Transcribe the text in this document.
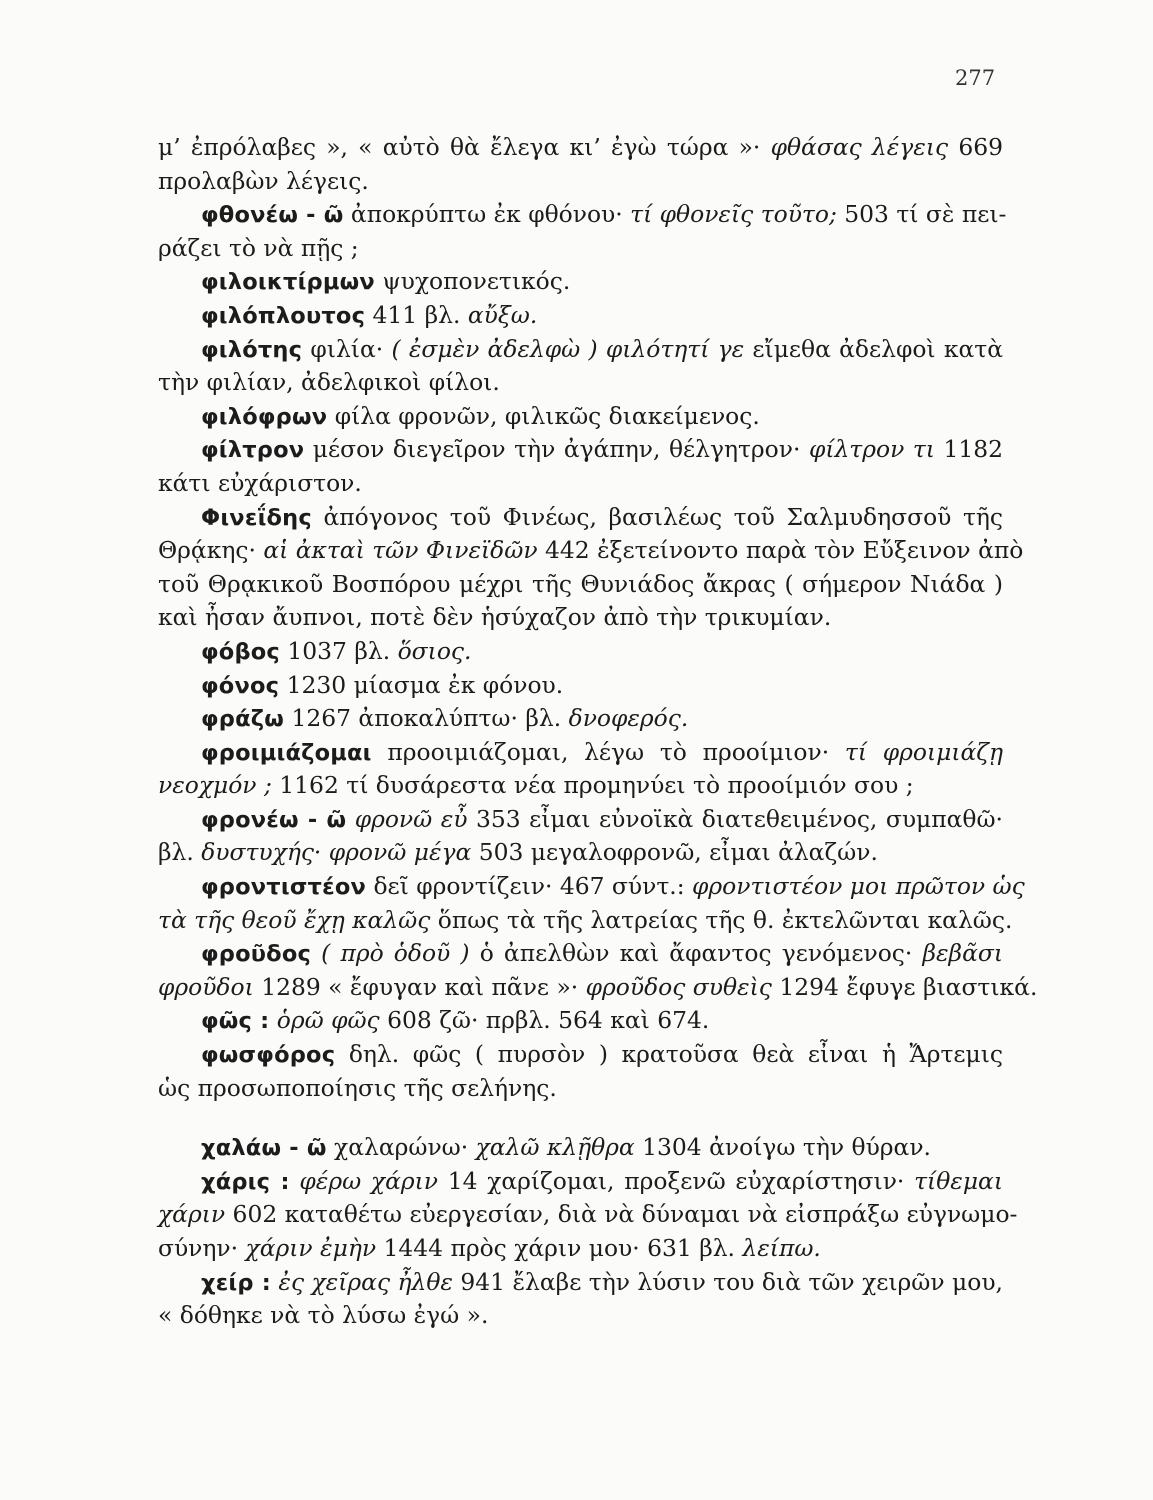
277
μ’ ἐπρόλαβες », « αὐτὸ θὰ ἔλεγα κι’ ἐγὼ τώρα »· φθάσας λέγεις 669
προλαβὼν λέγεις.
φθονέω - ῶ ἀποκρύπτω ἐκ φθόνου· τί φθονεῖς τοῦτο; 503 τί σὲ πει-
ράζει τὸ νὰ πῇς ;
φιλοικτίρμων ψυχοπονετικός.
φιλόπλουτος 411 βλ. αὔξω.
φιλότης φιλία· ( ἐσμὲν ἀδελφὼ ) φιλότητί γε εἴμεθα ἀδελφοὶ κατὰ
τὴν φιλίαν, ἀδελφικοὶ φίλοι.
φιλόφρων φίλα φρονῶν, φιλικῶς διακείμενος.
φίλτρον μέσον διεγεῖρον τὴν ἀγάπην, θέλγητρον· φίλτρον τι 1182
κάτι εὐχάριστον.
Φινεΐδης ἀπόγονος τοῦ Φινέως, βασιλέως τοῦ Σαλμυδησσοῦ τῆς
Θρᾴκης· αἱ ἀκταὶ τῶν Φινεϊδῶν 442 ἐξετείνοντο παρὰ τὸν Εὔξεινον ἀπὸ
τοῦ Θρᾳκικοῦ Βοσπόρου μέχρι τῆς Θυνιάδος ἄκρας ( σήμερον Νιάδα )
καὶ ἦσαν ἄυπνοι, ποτὲ δὲν ἡσύχαζον ἀπὸ τὴν τρικυμίαν.
φόβος 1037 βλ. ὅσιος.
φόνος 1230 μίασμα ἐκ φόνου.
φράζω 1267 ἀποκαλύπτω· βλ. δνοφερός.
φροιμιάζομαι προοιμιάζομαι, λέγω τὸ προοίμιον· τί φροιμιάζῃ
νεοχμόν ; 1162 τί δυσάρεστα νέα προμηνύει τὸ προοίμιόν σου ;
φρονέω - ῶ φρονῶ εὖ 353 εἶμαι εὐνοϊκὰ διατεθειμένος, συμπαθῶ·
βλ. δυστυχής· φρονῶ μέγα 503 μεγαλοφρονῶ, εἶμαι ἀλαζών.
φροντιστέον δεῖ φροντίζειν· 467 σύντ.: φροντιστέον μοι πρῶτον ὡς
τὰ τῆς θεοῦ ἔχῃ καλῶς ὅπως τὰ τῆς λατρείας τῆς θ. ἐκτελῶνται καλῶς.
φροῦδος ( πρὸ ὁδοῦ ) ὁ ἀπελθὼν καὶ ἄφαντος γενόμενος· βεβᾶσι
φροῦδοι 1289 « ἔφυγαν καὶ πᾶνε »· φροῦδος συθεὶς 1294 ἔφυγε βιαστικά.
φῶς : ὁρῶ φῶς 608 ζῶ· πρβλ. 564 καὶ 674.
φωσφόρος δηλ. φῶς ( πυρσὸν ) κρατοῦσα θεὰ εἶναι ἡ Ἄρτεμις
ὡς προσωποποίησις τῆς σελήνης.
χαλάω - ῶ χαλαρώνω· χαλῶ κλῇθρα 1304 ἀνοίγω τὴν θύραν.
χάρις : φέρω χάριν 14 χαρίζομαι, προξενῶ εὐχαρίστησιν· τίθεμαι
χάριν 602 καταθέτω εὐεργεσίαν, διὰ νὰ δύναμαι νὰ εἰσπράξω εὐγνωμο-
σύνην· χάριν ἐμὴν 1444 πρὸς χάριν μου· 631 βλ. λείπω.
χείρ : ἐς χεῖρας ἦλθε 941 ἔλαβε τὴν λύσιν του διὰ τῶν χειρῶν μου,
« δόθηκε νὰ τὸ λύσω ἐγώ ».
